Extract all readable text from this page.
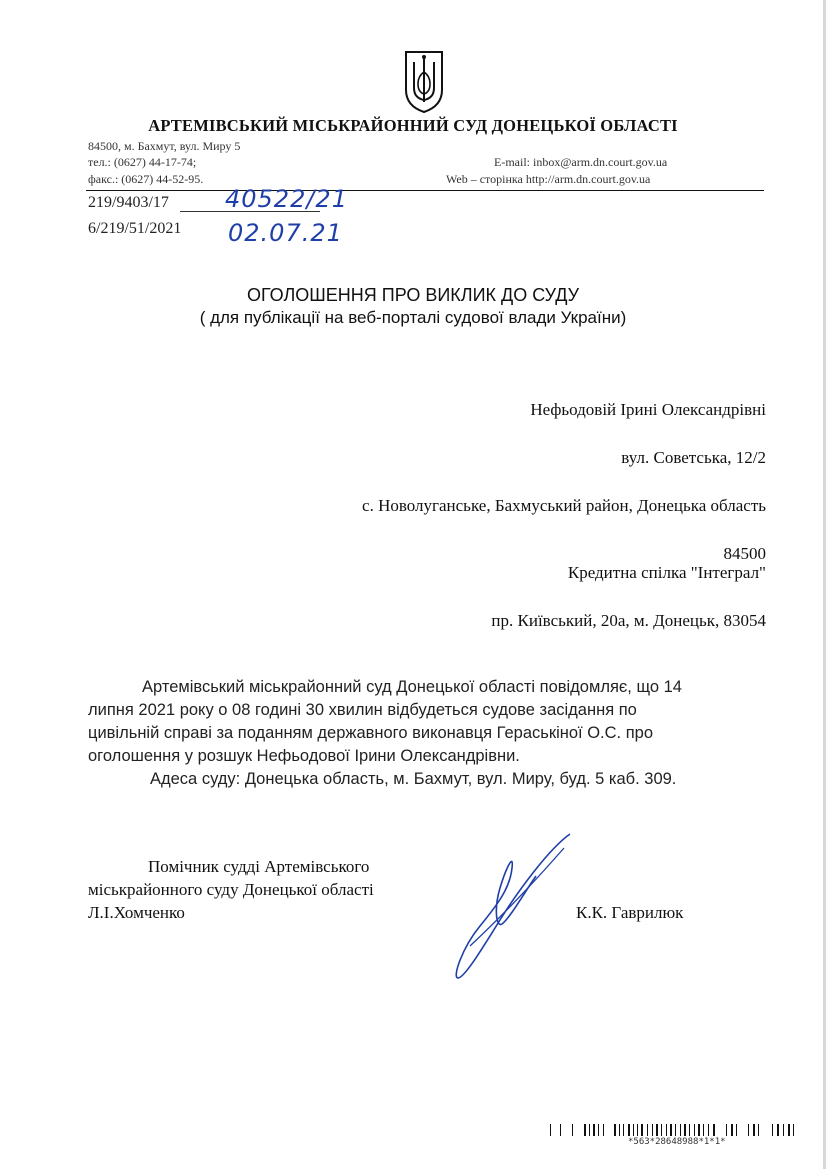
АРТЕМІВСЬКИЙ МІСЬКРАЙОННИЙ СУД ДОНЕЦЬКОЇ ОБЛАСТІ
84500, м. Бахмут, вул. Миру 5
тел.: (0627) 44-17-74;
факс.: (0627) 44-52-95.
E-mail: inbox@arm.dn.court.gov.ua
Web – сторінка http://arm.dn.court.gov.ua
219/9403/17
6/219/51/2021
40522/21
02.07.21
ОГОЛОШЕННЯ ПРО ВИКЛИК ДО СУДУ
( для публікації на веб-порталі судової влади України)

Нефьодовій Ірині Олександрівні

вул. Советська, 12/2

с. Новолуганське, Бахмуський район, Донецька область

84500

Кредитна спілка "Інтеграл"

пр. Київський, 20а, м. Донецьк, 83054

Артемівський міськрайонний суд Донецької області повідомляє, що 14

липня 2021 року о 08 годині 30 хвилин відбудеться судове засідання по

цивільній справі за поданням державного виконавця Гераськіної О.С. про

оголошення у розшук Нефьодової Ірини Олександрівни.

Адеса суду: Донецька область, м. Бахмут, вул. Миру, буд. 5 каб. 309.

Помічник судді Артемівського
міськрайонного суду Донецької області
Л.І.Хомченко	К.К. Гаврилюк
*563*28648988*1*1*
